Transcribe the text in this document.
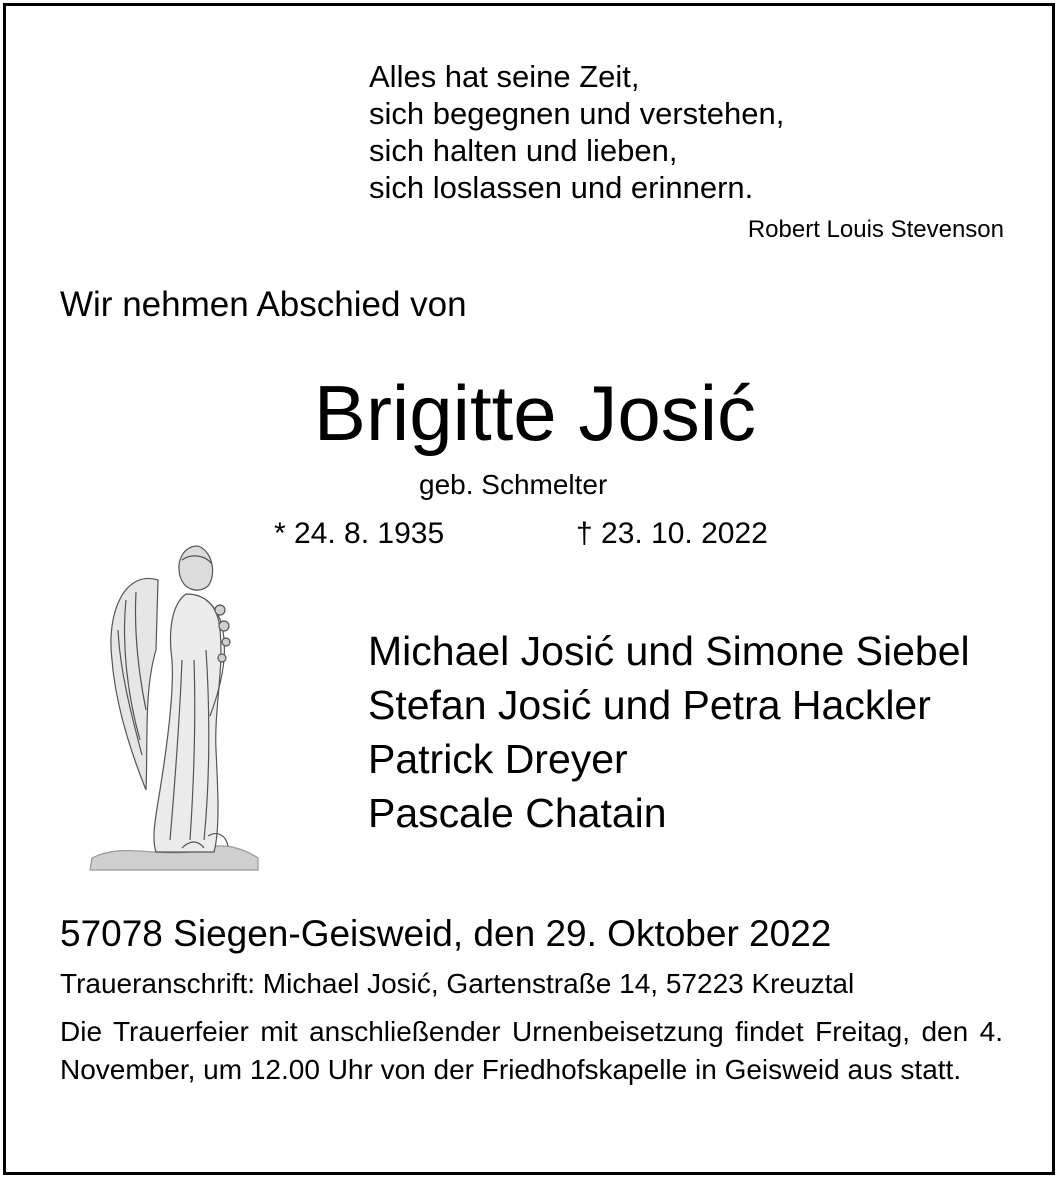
Alles hat seine Zeit,
sich begegnen und verstehen,
sich halten und lieben,
sich loslassen und erinnern.
Robert Louis Stevenson
Wir nehmen Abschied von
Brigitte Josić
geb. Schmelter
* 24. 8. 1935	† 23. 10. 2022
Michael Josić und Simone Siebel
Stefan Josić und Petra Hackler
Patrick Dreyer
Pascale Chatain
57078 Siegen-Geisweid, den 29. Oktober 2022
Traueranschrift: Michael Josić, Gartenstraße 14, 57223 Kreuztal
Die Trauerfeier mit anschließender Urnenbeisetzung findet Freitag, den 4. November, um 12.00 Uhr von der Friedhofskapelle in Geisweid aus statt.
